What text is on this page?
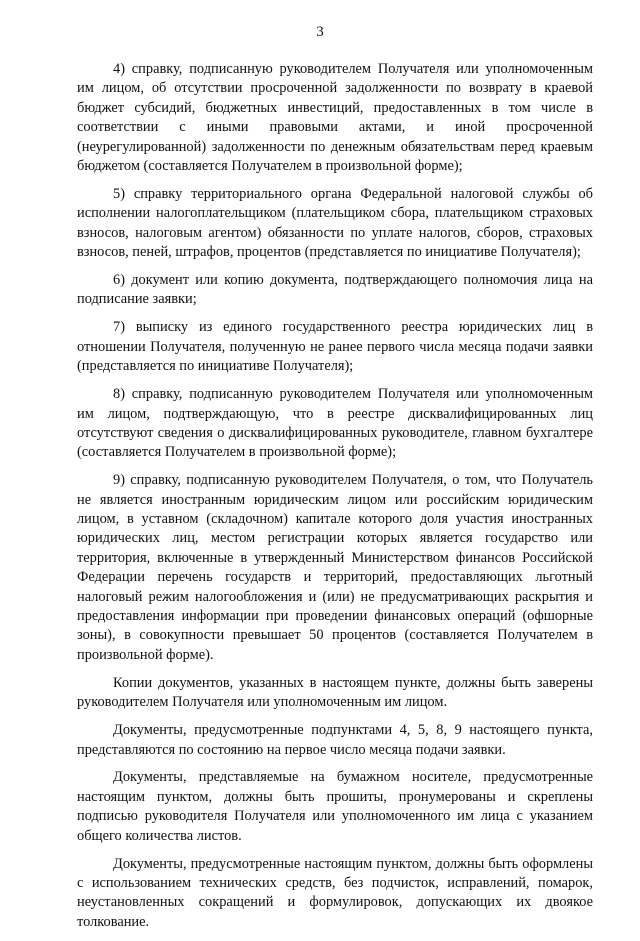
3

4) справку, подписанную руководителем Получателя или уполномоченным им лицом, об отсутствии просроченной задолженности по возврату в краевой бюджет субсидий, бюджетных инвестиций, предоставленных в том числе в соответствии с иными правовыми актами, и иной просроченной (неурегулированной) задолженности по денежным обязательствам перед краевым бюджетом (составляется Получателем в произвольной форме);

5) справку территориального органа Федеральной налоговой службы об исполнении налогоплательщиком (плательщиком сбора, плательщиком страховых взносов, налоговым агентом) обязанности по уплате налогов, сборов, страховых взносов, пеней, штрафов, процентов (представляется по инициативе Получателя);

6) документ или копию документа, подтверждающего полномочия лица на подписание заявки;

7) выписку из единого государственного реестра юридических лиц в отношении Получателя, полученную не ранее первого числа месяца подачи заявки (представляется по инициативе Получателя);

8) справку, подписанную руководителем Получателя или уполномоченным им лицом, подтверждающую, что в реестре дисквалифицированных лиц отсутствуют сведения о дисквалифицированных руководителе, главном бухгалтере (составляется Получателем в произвольной форме);

9) справку, подписанную руководителем Получателя, о том, что Получатель не является иностранным юридическим лицом или российским юридическим лицом, в уставном (складочном) капитале которого доля участия иностранных юридических лиц, местом регистрации которых является государство или территория, включенные в утвержденный Министерством финансов Российской Федерации перечень государств и территорий, предоставляющих льготный налоговый режим налогообложения и (или) не предусматривающих раскрытия и предоставления информации при проведении финансовых операций (офшорные зоны), в совокупности превышает 50 процентов (составляется Получателем в произвольной форме).

Копии документов, указанных в настоящем пункте, должны быть заверены руководителем Получателя или уполномоченным им лицом.

Документы, предусмотренные подпунктами 4, 5, 8, 9 настоящего пункта, представляются по состоянию на первое число месяца подачи заявки.

Документы, представляемые на бумажном носителе, предусмотренные настоящим пунктом, должны быть прошиты, пронумерованы и скреплены подписью руководителя Получателя или уполномоченного им лица с указанием общего количества листов.

Документы, предусмотренные настоящим пунктом, должны быть оформлены с использованием технических средств, без подчисток, исправлений, помарок, неустановленных сокращений и формулировок, допускающих их двоякое толкование.
